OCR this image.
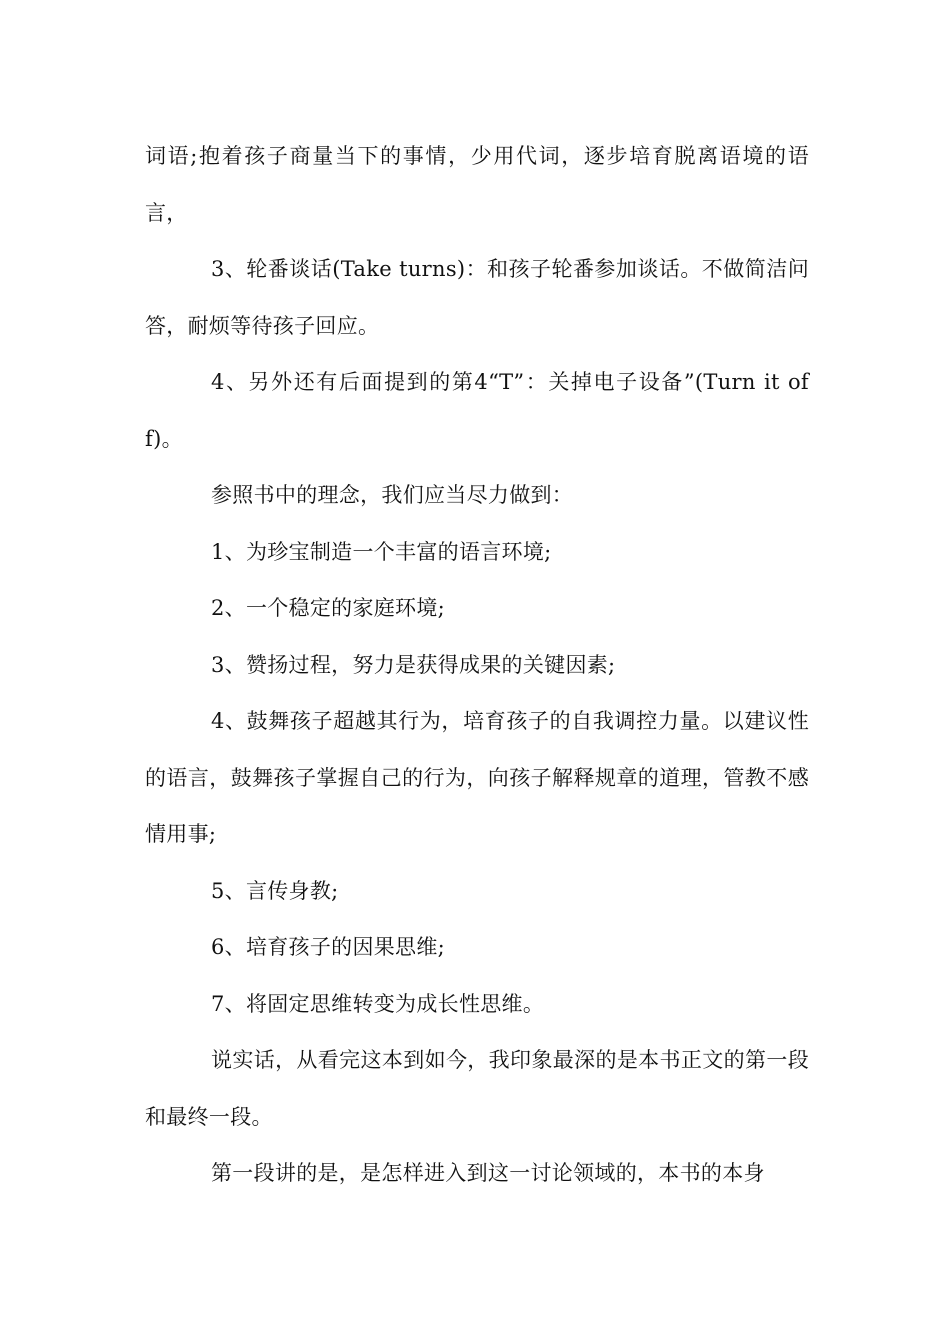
词语;抱着孩子商量当下的事情，少用代词，逐步培育脱离语境的语言，

3、轮番谈话(Take turns)：和孩子轮番参加谈话。不做简洁问答，耐烦等待孩子回应。

4、另外还有后面提到的第4“T”：关掉电子设备”(Turn it off)。

参照书中的理念，我们应当尽力做到：

1、为珍宝制造一个丰富的语言环境;

2、一个稳定的家庭环境;

3、赞扬过程，努力是获得成果的关键因素;

4、鼓舞孩子超越其行为，培育孩子的自我调控力量。以建议性的语言，鼓舞孩子掌握自己的行为，向孩子解释规章的道理，管教不感情用事;

5、言传身教;

6、培育孩子的因果思维;

7、将固定思维转变为成长性思维。

说实话，从看完这本到如今，我印象最深的是本书正文的第一段和最终一段。

第一段讲的是，是怎样进入到这一讨论领域的，本书的本身
